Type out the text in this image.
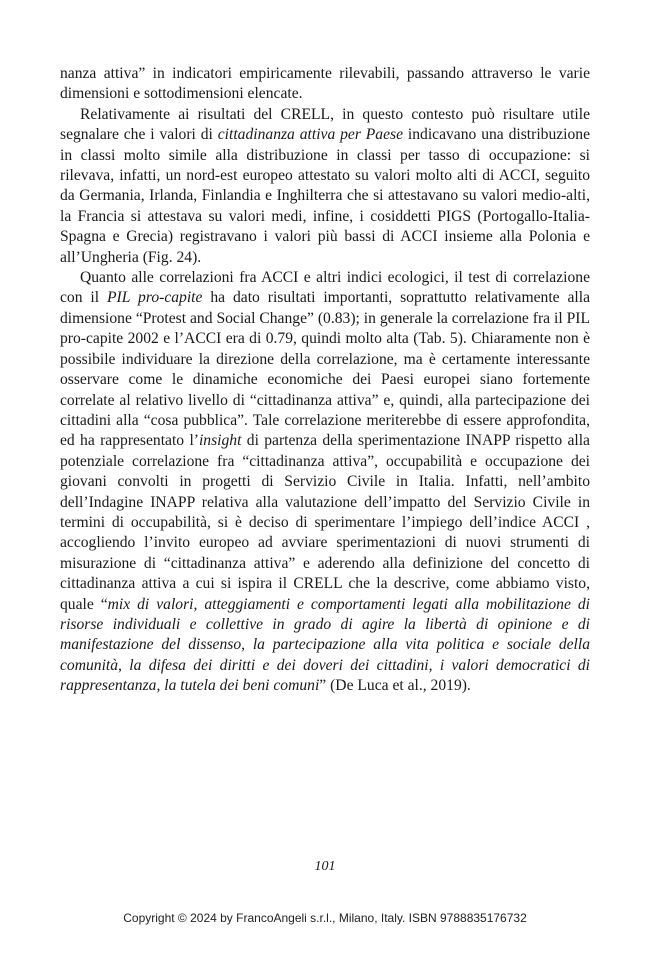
nanza attiva” in indicatori empiricamente rilevabili, passando attraverso le varie dimensioni e sottodimensioni elencate.

Relativamente ai risultati del CRELL, in questo contesto può risultare utile segnalare che i valori di cittadinanza attiva per Paese indicavano una distribuzione in classi molto simile alla distribuzione in classi per tasso di occupazione: si rilevava, infatti, un nord-est europeo attestato su valori molto alti di ACCI, seguito da Germania, Irlanda, Finlandia e Inghilterra che si attestavano su valori medio-alti, la Francia si attestava su valori medi, infine, i cosiddetti PIGS (Portogallo-Italia-Spagna e Grecia) registravano i valori più bassi di ACCI insieme alla Polonia e all’Ungheria (Fig. 24).

Quanto alle correlazioni fra ACCI e altri indici ecologici, il test di correlazione con il PIL pro-capite ha dato risultati importanti, soprattutto relativamente alla dimensione “Protest and Social Change” (0.83); in generale la correlazione fra il PIL pro-capite 2002 e l’ACCI era di 0.79, quindi molto alta (Tab. 5). Chiaramente non è possibile individuare la direzione della correlazione, ma è certamente interessante osservare come le dinamiche economiche dei Paesi europei siano fortemente correlate al relativo livello di “cittadinanza attiva” e, quindi, alla partecipazione dei cittadini alla “cosa pubblica”. Tale correlazione meriterebbe di essere approfondita, ed ha rappresentato l’insight di partenza della sperimentazione INAPP rispetto alla potenziale correlazione fra “cittadinanza attiva”, occupabilità e occupazione dei giovani convolti in progetti di Servizio Civile in Italia. Infatti, nell’ambito dell’Indagine INAPP relativa alla valutazione dell’impatto del Servizio Civile in termini di occupabilità, si è deciso di sperimentare l’impiego dell’indice ACCI , accogliendo l’invito europeo ad avviare sperimentazioni di nuovi strumenti di misurazione di “cittadinanza attiva” e aderendo alla definizione del concetto di cittadinanza attiva a cui si ispira il CRELL che la descrive, come abbiamo visto, quale “mix di valori, atteggiamenti e comportamenti legati alla mobilitazione di risorse individuali e collettive in grado di agire la libertà di opinione e di manifestazione del dissenso, la partecipazione alla vita politica e sociale della comunità, la difesa dei diritti e dei doveri dei cittadini, i valori democratici di rappresentanza, la tutela dei beni comuni” (De Luca et al., 2019).

101
Copyright © 2024 by FrancoAngeli s.r.l., Milano, Italy. ISBN 9788835176732
